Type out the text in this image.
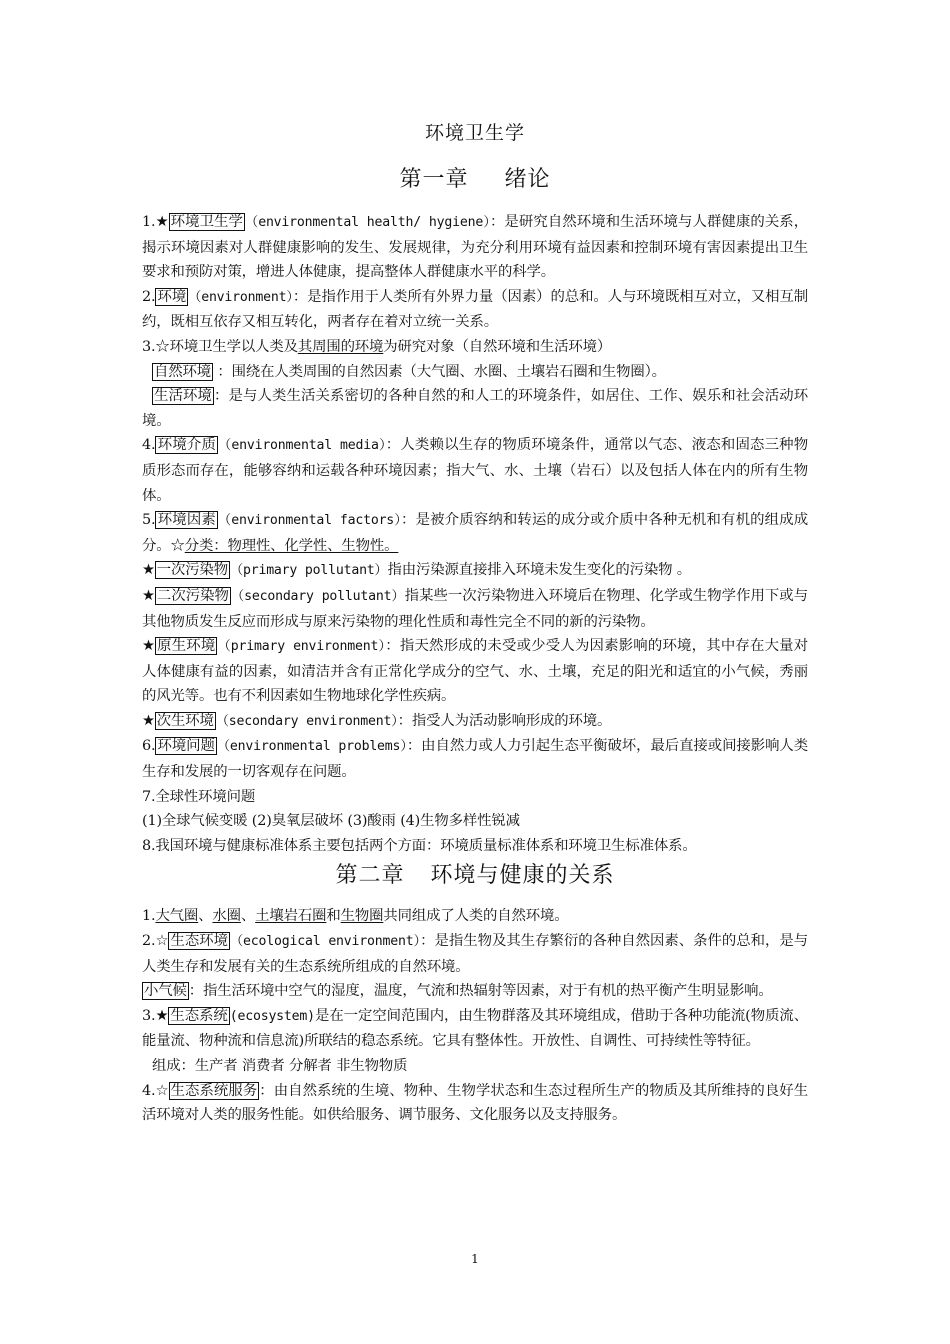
环境卫生学
第一章 绪论

1.★ 环境卫生学 （environmental health/ hygiene）：是研究自然环境和生活环境与人群健康的关系，揭示环境因素对人群健康影响的发生、发展规律，为充分利用环境有益因素和控制环境有害因素提出卫生要求和预防对策，增进人体健康，提高整体人群健康水平的科学。

2. 环境 （environment）：是指作用于人类所有外界力量（因素）的总和。人与环境既相互对立，又相互制约，既相互依存又相互转化，两者存在着对立统一关系。

3.☆环境卫生学以人类及其周围的环境为研究对象（自然环境和生活环境）

自然环境 ：围绕在人类周围的自然因素（大气圈、水圈、土壤岩石圈和生物圈）。

生活环境 ：是与人类生活关系密切的各种自然的和人工的环境条件，如居住、工作、娱乐和社会活动环境。

4. 环境介质 （environmental media）：人类赖以生存的物质环境条件，通常以气态、液态和固态三种物质形态而存在，能够容纳和运载各种环境因素；指大气、水、土壤（岩石）以及包括人体在内的所有生物体。

5. 环境因素 （environmental factors）：是被介质容纳和转运的成分或介质中各种无机和有机的组成成分。☆分类：物理性、化学性、生物性。

★ 一次污染物 （primary pollutant）指由污染源直接排入环境未发生变化的污染物 。

★ 二次污染物 （secondary pollutant）指某些一次污染物进入环境后在物理、化学或生物学作用下或与其他物质发生反应而形成与原来污染物的理化性质和毒性完全不同的新的污染物。

★ 原生环境 （primary environment）：指天然形成的未受或少受人为因素影响的环境，其中存在大量对人体健康有益的因素，如清洁并含有正常化学成分的空气、水、土壤，充足的阳光和适宜的小气候，秀丽的风光等。也有不利因素如生物地球化学性疾病。

★ 次生环境 （secondary environment）：指受人为活动影响形成的环境。

6. 环境问题 （environmental problems）：由自然力或人力引起生态平衡破坏，最后直接或间接影响人类生存和发展的一切客观存在问题。

7.全球性环境问题

(1)全球气候变暖 (2)臭氧层破坏 (3)酸雨 (4)生物多样性锐减

8.我国环境与健康标准体系主要包括两个方面：环境质量标准体系和环境卫生标准体系。

第二章 环境与健康的关系

1.大气圈、水圈、土壤岩石圈和生物圈共同组成了人类的自然环境。

2.☆ 生态环境 （ecological environment）：是指生物及其生存繁衍的各种自然因素、条件的总和，是与人类生存和发展有关的生态系统所组成的自然环境。

小气候 ：指生活环境中空气的湿度，温度，气流和热辐射等因素，对于有机的热平衡产生明显影响。

3.★ 生态系统 (ecosystem)是在一定空间范围内，由生物群落及其环境组成，借助于各种功能流(物质流、能量流、物种流和信息流)所联结的稳态系统。它具有整体性。开放性、自调性、可持续性等特征。

组成：生产者 消费者 分解者 非生物物质

4.☆ 生态系统服务 ：由自然系统的生境、物种、生物学状态和生态过程所生产的物质及其所维持的良好生活环境对人类的服务性能。如供给服务、调节服务、文化服务以及支持服务。

1
